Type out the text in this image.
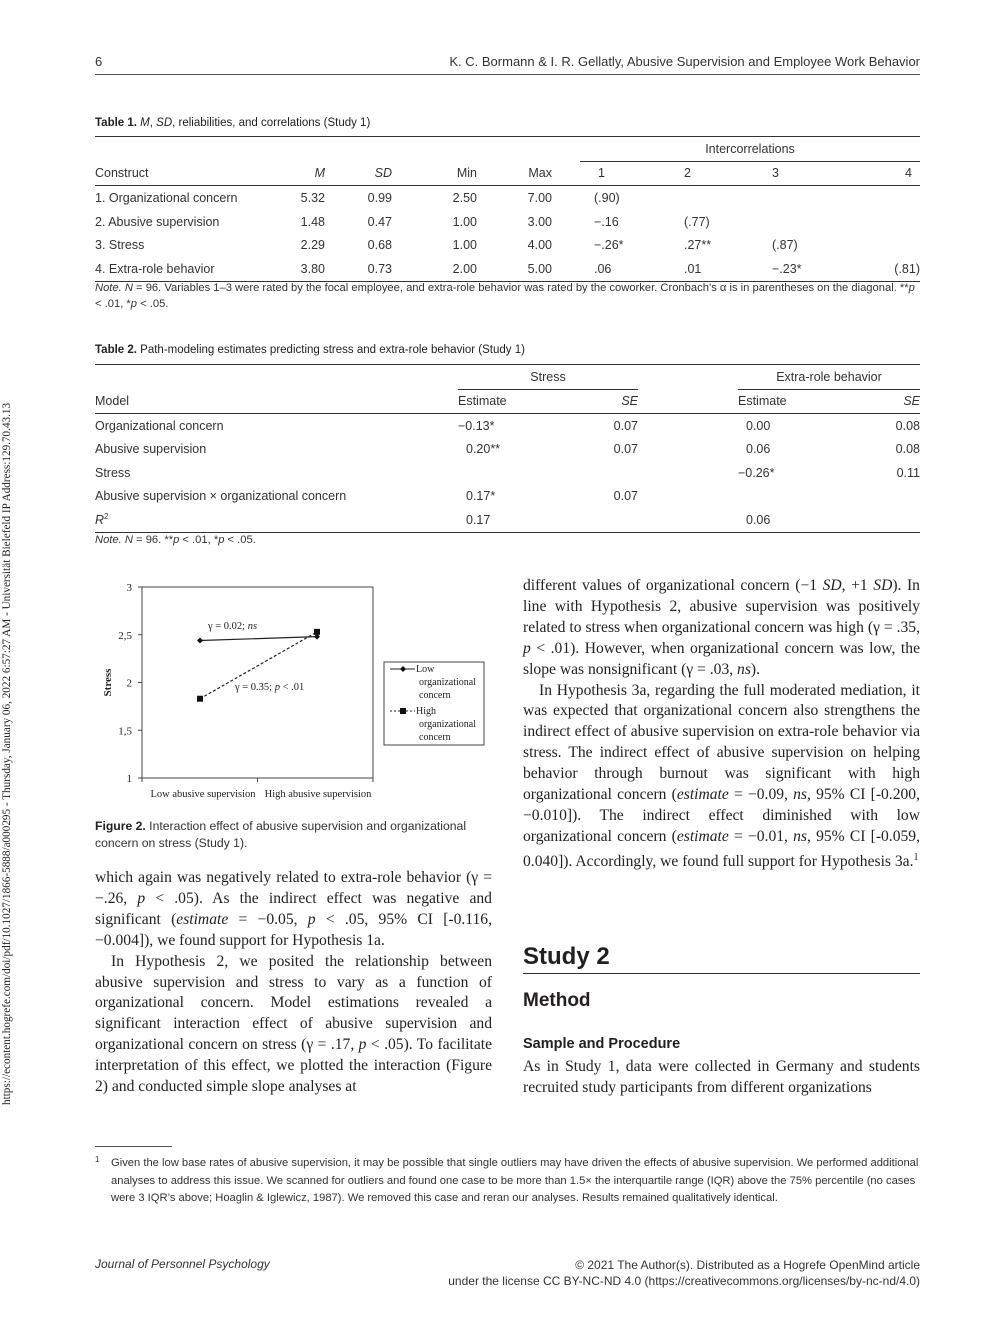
https://econtent.hogrefe.com/doi/pdf/10.1027/1866-5888/a000295 - Thursday, January 06, 2022 6:57:27 AM - Universität Bielefeld IP Address:129.70.43.13
6	K. C. Bormann & I. R. Gellatly, Abusive Supervision and Employee Work Behavior
Table 1. M, SD, reliabilities, and correlations (Study 1)
					Intercorrelations			
Construct	M	SD	Min	Max	1	2	3	4
1. Organizational concern	5.32	0.99	2.50	7.00	(.90)			
2. Abusive supervision	1.48	0.47	1.00	3.00	−.16	(.77)		
3. Stress	2.29	0.68	1.00	4.00	−.26*	.27**	(.87)	
4. Extra-role behavior	3.80	0.73	2.00	5.00	.06	.01	−.23*	(.81)
Note. N = 96. Variables 1–3 were rated by the focal employee, and extra-role behavior was rated by the coworker. Cronbach’s α is in parentheses on the diagonal. **p < .01, *p < .05.
Table 2. Path-modeling estimates predicting stress and extra-role behavior (Study 1)
	Stress			Extra-role behavior	
Model	Estimate	SE		Estimate	SE
Organizational concern	−0.13*	0.07		0.00	0.08
Abusive supervision	0.20**	0.07		0.06	0.08
Stress				−0.26*	0.11
Abusive supervision × organizational concern	0.17*	0.07			
$R^2$	0.17			0.06	
Note. N = 96. **p < .01, *p < .05.
1
1,5
2
2,5
3
Low abusive supervision High abusive supervision
Stress
γ = 0.02; ns
γ = 0.35; p < .01
Low
organizational
concern
High
organizational
concern
Figure 2. Interaction effect of abusive supervision and organizational concern on stress (Study 1).

which again was negatively related to extra-role behavior (γ = −.26, p < .05). As the indirect effect was negative and significant (estimate = −0.05, p < .05, 95% CI [-0.116, −0.004]), we found support for Hypothesis 1a.

In Hypothesis 2, we posited the relationship between abusive supervision and stress to vary as a function of organizational concern. Model estimations revealed a significant interaction effect of abusive supervision and organizational concern on stress (γ = .17, p < .05). To facilitate interpretation of this effect, we plotted the interaction (Figure 2) and conducted simple slope analyses at

different values of organizational concern (−1 SD, +1 SD). In line with Hypothesis 2, abusive supervision was positively related to stress when organizational concern was high (γ = .35, p < .01). However, when organizational concern was low, the slope was nonsignificant (γ = .03, ns).

In Hypothesis 3a, regarding the full moderated mediation, it was expected that organizational concern also strengthens the indirect effect of abusive supervision on extra-role behavior via stress. The indirect effect of abusive supervision on helping behavior through burnout was significant with high organizational concern (estimate = −0.09, ns, 95% CI [-0.200, −0.010]). The indirect effect diminished with low organizational concern (estimate = −0.01, ns, 95% CI [-0.059, 0.040]). Accordingly, we found full support for Hypothesis 3a.$^1$

Study 2
Method
Sample and Procedure
As in Study 1, data were collected in Germany and students recruited study participants from different organizations
1 Given the low base rates of abusive supervision, it may be possible that single outliers may have driven the effects of abusive supervision. We performed additional analyses to address this issue. We scanned for outliers and found one case to be more than 1.5× the interquartile range (IQR) above the 75% percentile (no cases were 3 IQR’s above; Hoaglin & Iglewicz, 1987). We removed this case and reran our analyses. Results remained qualitatively identical.
Journal of Personnel Psychology	© 2021 The Author(s). Distributed as a Hogrefe OpenMind article
under the license CC BY-NC-ND 4.0 (https://creativecommons.org/licenses/by-nc-nd/4.0)
